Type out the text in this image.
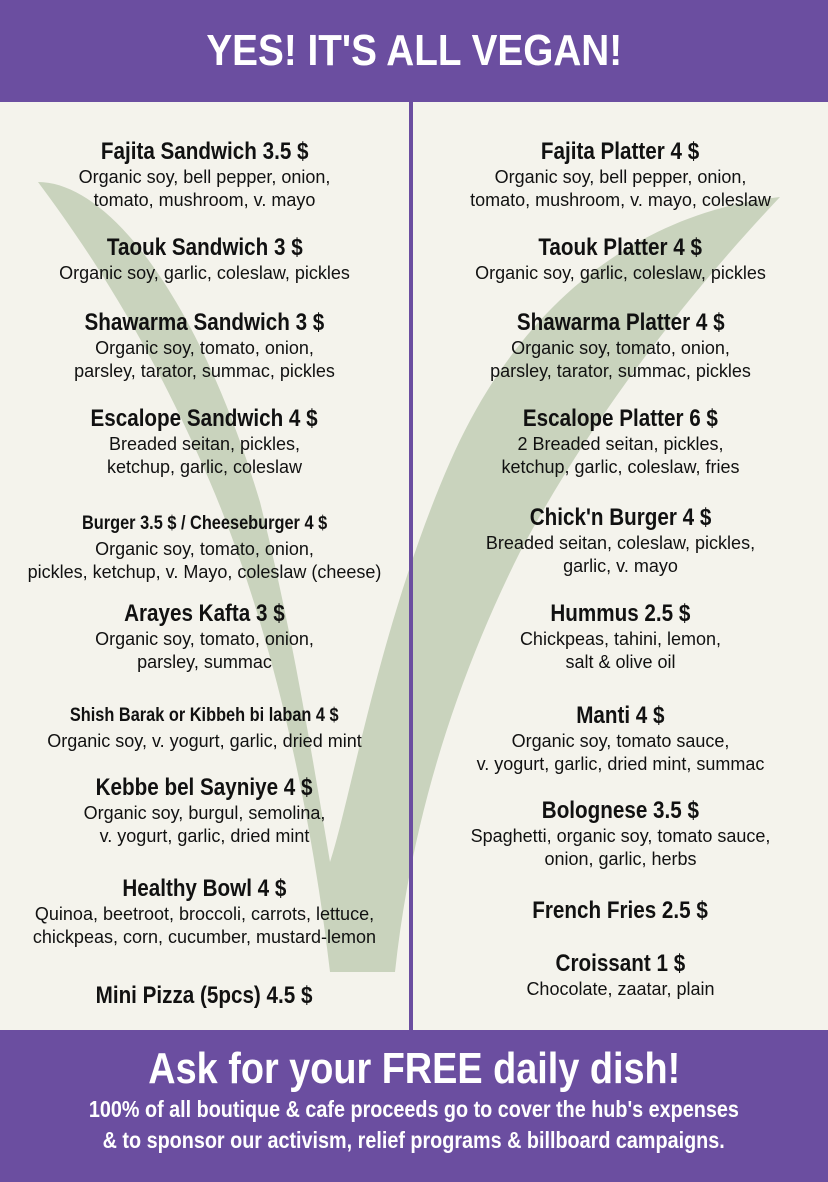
YES! IT'S ALL VEGAN!
Fajita Sandwich 3.5 $
Organic soy, bell pepper, onion,
tomato, mushroom, v. mayo
Taouk Sandwich 3 $
Organic soy, garlic, coleslaw, pickles
Shawarma Sandwich 3 $
Organic soy, tomato, onion,
parsley, tarator, summac, pickles
Escalope Sandwich 4 $
Breaded seitan, pickles,
ketchup, garlic, coleslaw
Burger 3.5 $ / Cheeseburger 4 $
Organic soy, tomato, onion,
pickles, ketchup, v. Mayo, coleslaw (cheese)
Arayes Kafta 3 $
Organic soy, tomato, onion,
parsley, summac
Shish Barak or Kibbeh bi laban 4 $
Organic soy, v. yogurt, garlic, dried mint
Kebbe bel Sayniye 4 $
Organic soy, burgul, semolina,
v. yogurt, garlic, dried mint
Healthy Bowl 4 $
Quinoa, beetroot, broccoli, carrots, lettuce,
chickpeas, corn, cucumber, mustard-lemon
Mini Pizza (5pcs) 4.5 $
Fajita Platter 4 $
Organic soy, bell pepper, onion,
tomato, mushroom, v. mayo, coleslaw
Taouk Platter 4 $
Organic soy, garlic, coleslaw, pickles
Shawarma Platter 4 $
Organic soy, tomato, onion,
parsley, tarator, summac, pickles
Escalope Platter 6 $
2 Breaded seitan, pickles,
ketchup, garlic, coleslaw, fries
Chick'n Burger 4 $
Breaded seitan, coleslaw, pickles,
garlic, v. mayo
Hummus 2.5 $
Chickpeas, tahini, lemon,
salt & olive oil
Manti 4 $
Organic soy, tomato sauce,
v. yogurt, garlic, dried mint, summac
Bolognese 3.5 $
Spaghetti, organic soy, tomato sauce,
onion, garlic, herbs
French Fries 2.5 $
Croissant 1 $
Chocolate, zaatar, plain
Ask for your FREE daily dish!
100% of all boutique & cafe proceeds go to cover the hub's expenses
& to sponsor our activism, relief programs & billboard campaigns.
